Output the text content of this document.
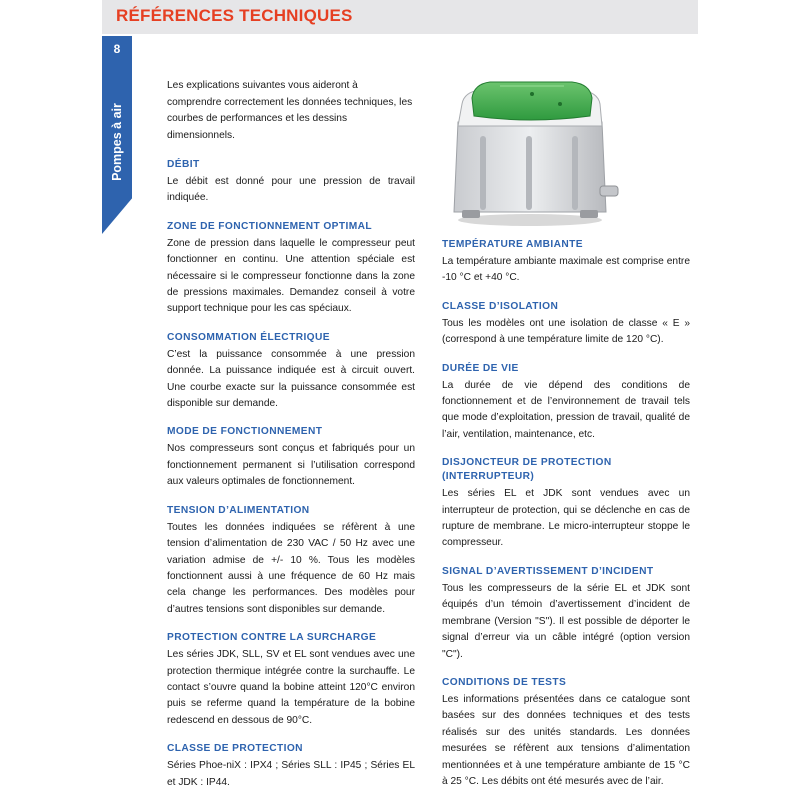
RÉFÉRENCES TECHNIQUES
8
Pompes à air

Les explications suivantes vous aideront à comprendre correctement les données techniques, les courbes de performances et les dessins dimensionnels.

DÉBIT
Le débit est donné pour une pression de travail indiquée.
ZONE DE FONCTIONNEMENT OPTIMAL
Zone de pression dans laquelle le compresseur peut fonctionner en continu. Une attention spéciale est nécessaire si le compresseur fonctionne dans la zone de pressions maximales. Demandez conseil à votre support technique pour les cas spéciaux.
CONSOMMATION ÉLECTRIQUE
C’est la puissance consommée à une pression donnée. La puissance indiquée est à circuit ouvert. Une courbe exacte sur la puissance consommée est disponible sur demande.
MODE DE FONCTIONNEMENT
Nos compresseurs sont conçus et fabriqués pour un fonctionnement permanent si l’utilisation correspond aux valeurs optimales de fonctionnement.
TENSION D’ALIMENTATION
Toutes les données indiquées se réfèrent à une tension d’alimentation de 230 VAC / 50 Hz avec une variation admise de +/- 10 %. Tous les modèles fonctionnent aussi à une fréquence de 60 Hz mais cela change les performances. Des modèles pour d’autres tensions sont disponibles sur demande.
PROTECTION CONTRE LA SURCHARGE
Les séries JDK, SLL, SV et EL sont vendues avec une protection thermique intégrée contre la surchauffe. Le contact s’ouvre quand la bobine atteint 120°C environ puis se referme quand la température de la bobine redescend en dessous de 90°C.
CLASSE DE PROTECTION
Séries Phoe-niX : IPX4 ; Séries SLL : IP45 ; Séries EL et JDK : IP44.
TEMPÉRATURE AMBIANTE
La température ambiante maximale est comprise entre -10 °C et +40 °C.
CLASSE D’ISOLATION
Tous les modèles ont une isolation de classe « E » (correspond à une température limite de 120 °C).
DURÉE DE VIE
La durée de vie dépend des conditions de fonctionnement et de l’environnement de travail tels que mode d’exploitation, pression de travail, qualité de l’air, ventilation, maintenance, etc.
DISJONCTEUR DE PROTECTION (INTERRUPTEUR)
Les séries EL et JDK sont vendues avec un interrupteur de protection, qui se déclenche en cas de rupture de membrane. Le micro-interrupteur stoppe le compresseur.
SIGNAL D’AVERTISSEMENT D’INCIDENT
Tous les compresseurs de la série EL et JDK sont équipés d’un témoin d’avertissement d’incident de membrane (Version "S"). Il est possible de déporter le signal d’erreur via un câble intégré (option version "C").
CONDITIONS DE TESTS
Les informations présentées dans ce catalogue sont basées sur des données techniques et des tests réalisés sur des unités standards. Les données mesurées se réfèrent aux tensions d’alimentation mentionnées et à une température ambiante de 15 °C à 25 °C. Les débits ont été mesurés avec de l’air.
